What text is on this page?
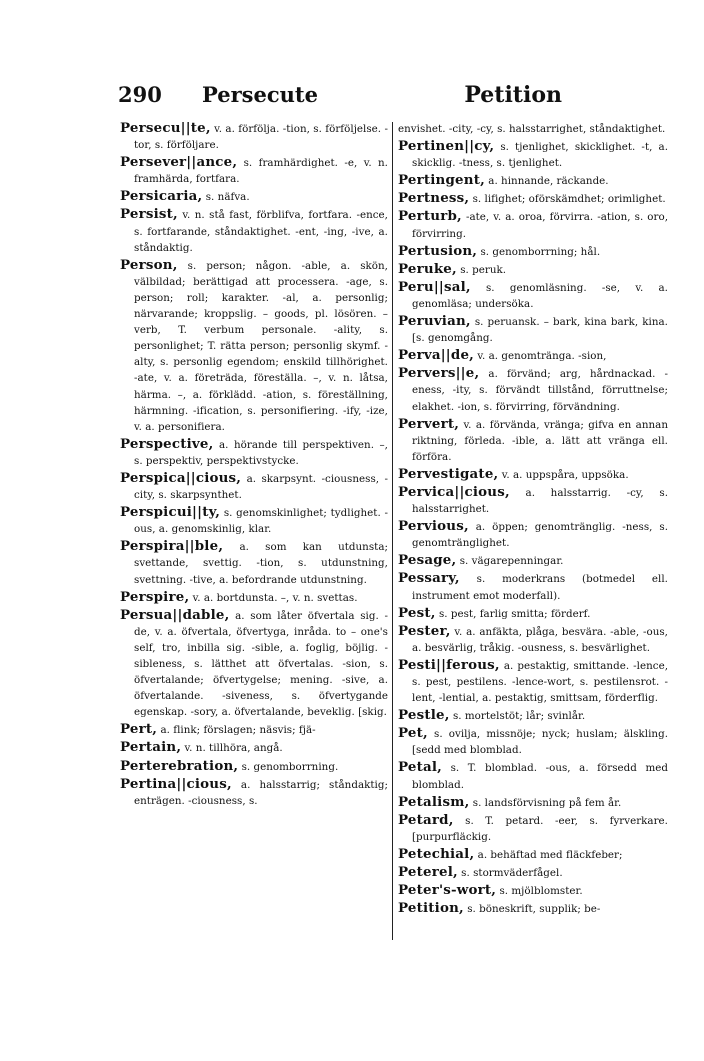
290 Persecute	Petition

Persecu||te, v. a. förfölja. -tion, s. förföljelse. -tor, s. förföljare.

Persever||ance, s. framhärdighet. -e, v. n. framhärda, fortfara.

Persicaria, s. näfva.

Persist, v. n. stå fast, förblifva, fortfara. -ence, s. fortfarande, ståndaktighet. -ent, -ing, -ive, a. ståndaktig.

Person, s. person; någon. -able, a. skön, välbildad; berättigad att processera. -age, s. person; roll; karakter. -al, a. personlig; närvarande; kroppslig. – goods, pl. lösören. – verb, T. verbum personale. -ality, s. personlighet; T. rätta person; personlig skymf. -alty, s. personlig egendom; enskild tillhörighet. -ate, v. a. företräda, föreställa. –, v. n. låtsa, härma. –, a. förklädd. -ation, s. föreställning, härmning. -ification, s. personifiering. -ify, -ize, v. a. personifiera.

Perspective, a. hörande till perspektiven. –, s. perspektiv, perspektivstycke.

Perspica||cious, a. skarpsynt. -ciousness, -city, s. skarpsynthet.

Perspicui||ty, s. genomskinlighet; tydlighet. -ous, a. genomskinlig, klar.

Perspira||ble, a. som kan utdunsta; svettande, svettig. -tion, s. utdunstning, svettning. -tive, a. befordrande utdunstning.

Perspire, v. a. bortdunsta. –, v. n. svettas.

Persua||dable, a. som låter öfvertala sig. -de, v. a. öfvertala, öfvertyga, inråda. to – one's self, tro, inbilla sig. -sible, a. foglig, böjlig. -sibleness, s. lätthet att öfvertalas. -sion, s. öfvertalande; öfvertygelse; mening. -sive, a. öfvertalande. -siveness, s. öfvertygande egenskap. -sory, a. öfvertalande, beveklig. [skig.

Pert, a. flink; förslagen; näsvis; fjä-

Pertain, v. n. tillhöra, angå.

Perterebration, s. genomborrning.

Pertina||cious, a. halsstarrig; ståndaktig; enträgen. -ciousness, s.

envishet. -city, -cy, s. halsstarrighet, ståndaktighet.

Pertinen||cy, s. tjenlighet, skicklighet. -t, a. skicklig. -tness, s. tjenlighet.

Pertingent, a. hinnande, räckande.

Pertness, s. lifighet; oförskämdhet; orimlighet.

Perturb, -ate, v. a. oroa, förvirra. -ation, s. oro, förvirring.

Pertusion, s. genomborrning; hål.

Peruke, s. peruk.

Peru||sal, s. genomläsning. -se, v. a. genomläsa; undersöka.

Peruvian, s. peruansk. – bark, kina bark, kina. [s. genomgång.

Perva||de, v. a. genomtränga. -sion,

Pervers||e, a. förvänd; arg, hårdnackad. -eness, -ity, s. förvändt tillstånd, förruttnelse; elakhet. -ion, s. förvirring, förvändning.

Pervert, v. a. förvända, vränga; gifva en annan riktning, förleda. -ible, a. lätt att vränga ell. förföra.

Pervestigate, v. a. uppspåra, uppsöka.

Pervica||cious, a. halsstarrig. -cy, s. halsstarrighet.

Pervious, a. öppen; genomtränglig. -ness, s. genomtränglighet.

Pesage, s. vägarepenningar.

Pessary, s. moderkrans (botmedel ell. instrument emot moderfall).

Pest, s. pest, farlig smitta; förderf.

Pester, v. a. anfäkta, plåga, besvära. -able, -ous, a. besvärlig, tråkig. -ousness, s. besvärlighet.

Pesti||ferous, a. pestaktig, smittande. -lence, s. pest, pestilens. -lence-wort, s. pestilensrot. -lent, -lential, a. pestaktig, smittsam, förderflig.

Pestle, s. mortelstöt; lår; svinlår.

Pet, s. ovilja, missnöje; nyck; huslam; älskling. [sedd med blomblad.

Petal, s. T. blomblad. -ous, a. försedd med blomblad.

Petalism, s. landsförvisning på fem år.

Petard, s. T. petard. -eer, s. fyrverkare. [purpurfläckig.

Petechial, a. behäftad med fläckfeber;

Peterel, s. stormväderfågel.

Peter's-wort, s. mjölblomster.

Petition, s. böneskrift, supplik; be-
